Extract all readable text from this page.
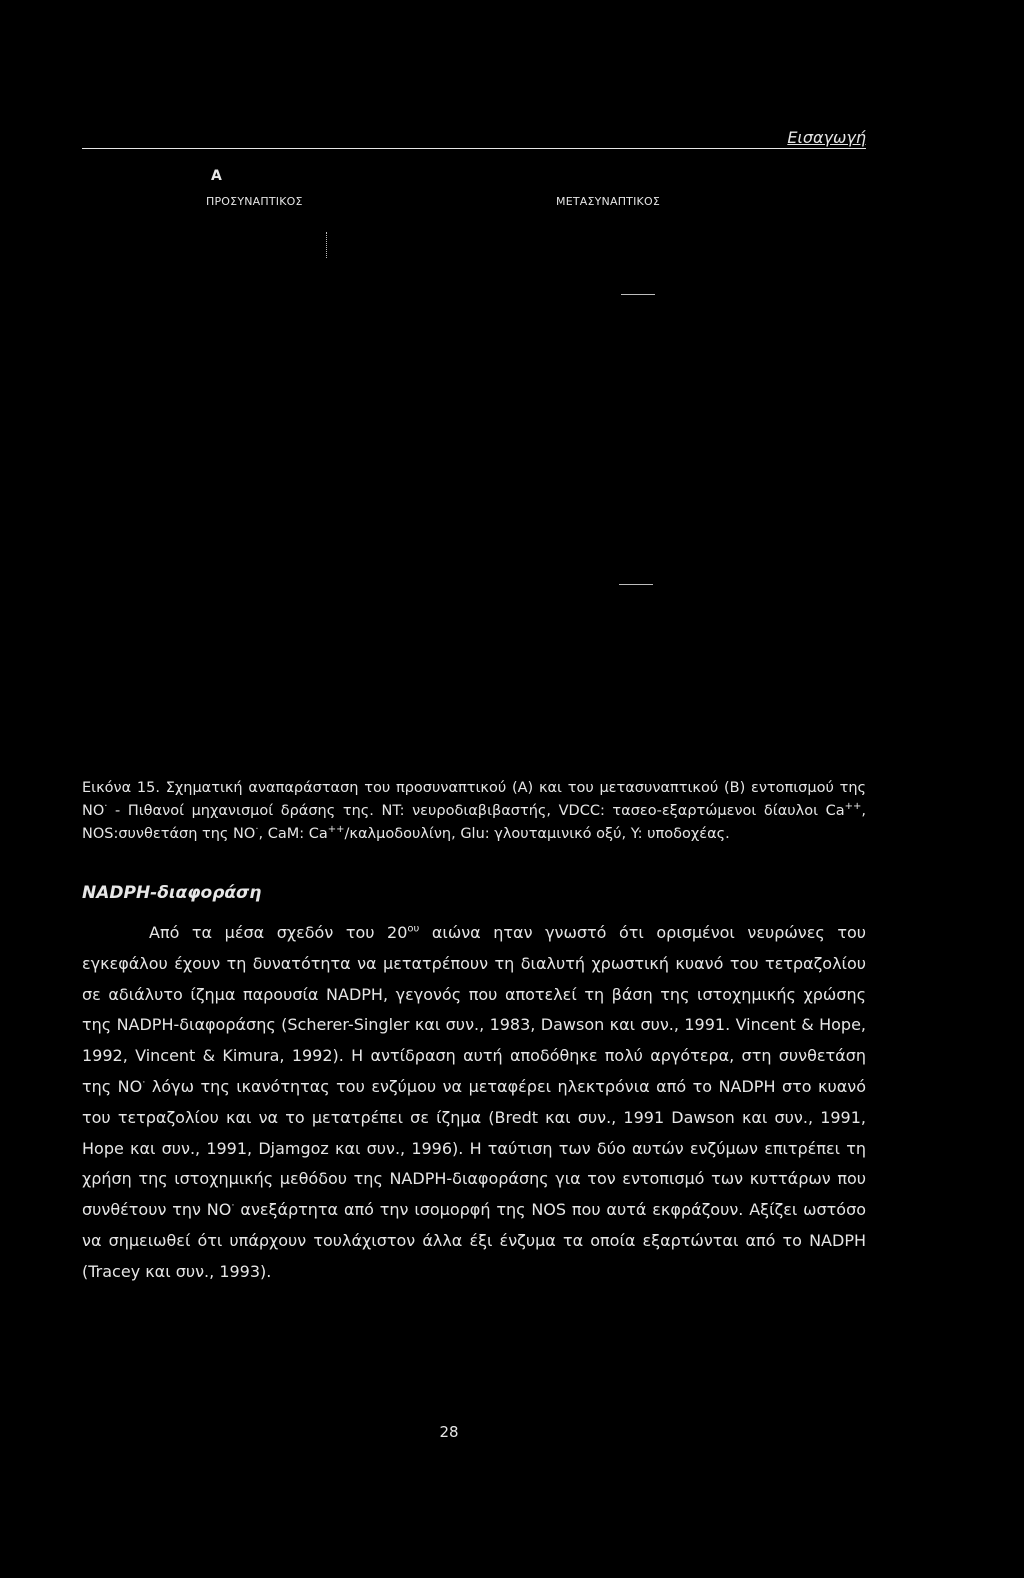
Εισαγωγή
A
ΠΡΟΣΥΝΑΠΤΙΚΟΣ	ΜΕΤΑΣΥΝΑΠΤΙΚΟΣ
Εικόνα 15. Σχηματική αναπαράσταση του προσυναπτικού (Α) και του μετασυναπτικού (Β) εντοπισμού της NO· - Πιθανοί μηχανισμοί δράσης της. NT: νευροδιαβιβαστής, VDCC: τασεο-εξαρτώμενοι δίαυλοι Ca++, NOS:συνθετάση της NO·, CaM: Ca++/καλμοδουλίνη, Glu: γλουταμινικό οξύ, Y: υποδοχέας.
NADPH-διαφοράση
Από τα μέσα σχεδόν του $20^{o\upsilon}$ αιώνα ηταν γνωστό ότι ορισμένοι νευρώνες του εγκεφάλου έχουν τη δυνατότητα να μετατρέπουν τη διαλυτή χρωστική κυανό του τετραζολίου σε αδιάλυτο ίζημα παρουσία NADPH, γεγονός που αποτελεί τη βάση της ιστοχημικής χρώσης της NADPH-διαφοράσης (Scherer-Singler και συν., 1983, Dawson και συν., 1991. Vincent & Hope, 1992, Vincent & Kimura, 1992). Η αντίδραση αυτή αποδόθηκε πολύ αργότερα, στη συνθετάση της NO· λόγω της ικανότητας του ενζύμου να μεταφέρει ηλεκτρόνια από το NADPH στο κυανό του τετραζολίου και να το μετατρέπει σε ίζημα (Bredt και συν., 1991 Dawson και συν., 1991, Hope και συν., 1991, Djamgoz και συν., 1996). Η ταύτιση των δύο αυτών ενζύμων επιτρέπει τη χρήση της ιστοχημικής μεθόδου της NADPH-διαφοράσης για τον εντοπισμό των κυττάρων που συνθέτουν την NO· ανεξάρτητα από την ισομορφή της NOS που αυτά εκφράζουν. Αξίζει ωστόσο να σημειωθεί ότι υπάρχουν τουλάχιστον άλλα έξι ένζυμα τα οποία εξαρτώνται από το NADPH (Tracey και συν., 1993).
28
